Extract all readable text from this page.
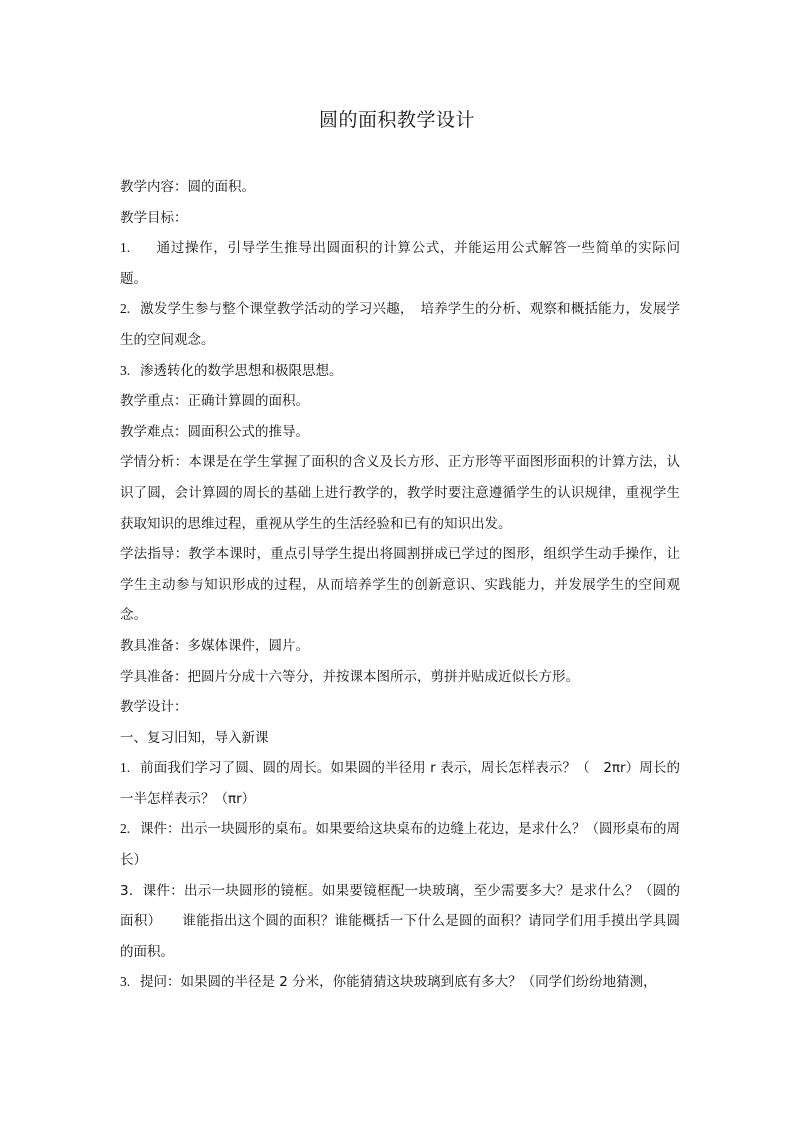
圆的面积教学设计

教学内容：圆的面积。

教学目标：

1. 通过操作，引导学生推导出圆面积的计算公式，并能运用公式解答一些简单的实际问题。

2. 激发学生参与整个课堂教学活动的学习兴趣，　培养学生的分析、观察和概括能力，发展学生的空间观念。

3. 渗透转化的数学思想和极限思想。

教学重点：正确计算圆的面积。

教学难点：圆面积公式的推导。

学情分析：本课是在学生掌握了面积的含义及长方形、正方形等平面图形面积的计算方法，认识了圆，会计算圆的周长的基础上进行教学的，教学时要注意遵循学生的认识规律，重视学生获取知识的思维过程，重视从学生的生活经验和已有的知识出发。

学法指导：教学本课时，重点引导学生提出将圆割拼成已学过的图形，组织学生动手操作，让学生主动参与知识形成的过程，从而培养学生的创新意识、实践能力，并发展学生的空间观念。

教具准备：多媒体课件，圆片。

学具准备：把圆片分成十六等分，并按课本图所示，剪拼并贴成近似长方形。

教学设计：

一、复习旧知，导入新课

1. 前面我们学习了圆、圆的周长。如果圆的半径用 r 表示，周长怎样表示？（　2πr）周长的一半怎样表示？（πr）

2. 课件：出示一块圆形的桌布。如果要给这块桌布的边缝上花边，是求什么？（圆形桌布的周长）

3．课件：出示一块圆形的镜框。如果要镜框配一块玻璃，至少需要多大？是求什么？（圆的面积）　　谁能指出这个圆的面积？谁能概括一下什么是圆的面积？请同学们用手摸出学具圆的面积。

3. 提问：如果圆的半径是 2 分米，你能猜猜这块玻璃到底有多大？（同学们纷纷地猜测，
